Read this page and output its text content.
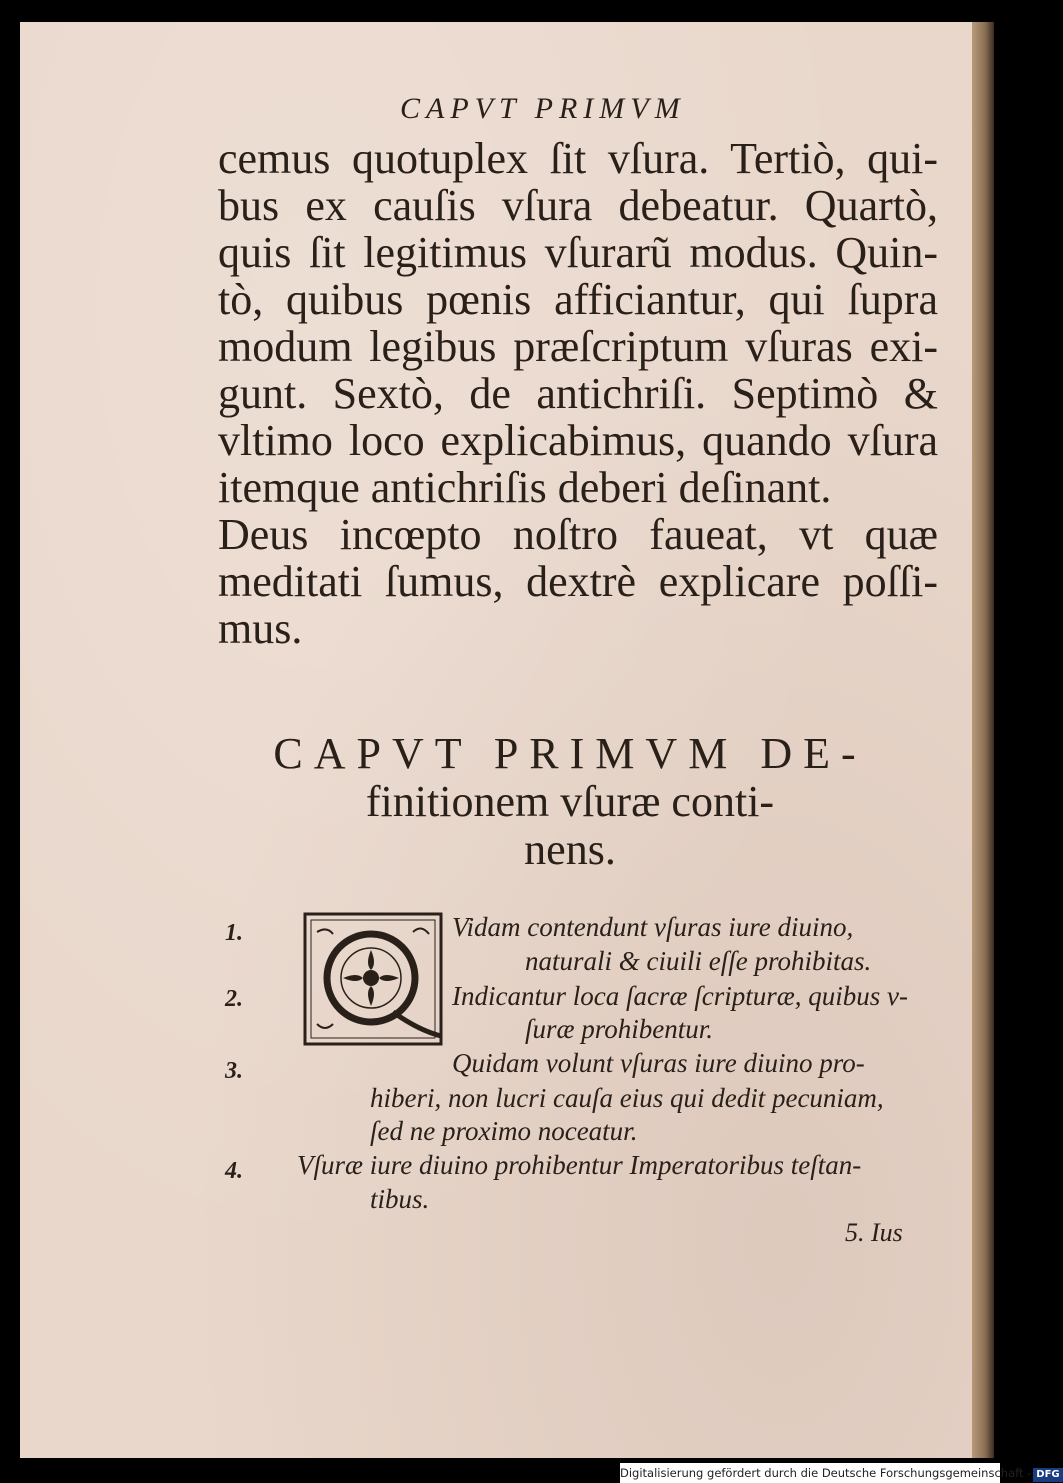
CAPVT PRIMVM
cemus quotuplex ſit vſura. Tertiò, qui-
bus ex cauſis vſura debeatur. Quartò,
quis ſit legitimus vſurarũ modus. Quin-
tò, quibus pœnis afficiantur, qui ſupra
modum legibus præſcriptum vſuras exi-
gunt. Sextò, de antichriſi. Septimò &
vltimo loco explicabimus, quando vſura
itemque antichriſis deberi deſinant.
Deus incœpto noſtro faueat, vt quæ
meditati ſumus, dextrè explicare poſſi-
mus.
CAPVT PRIMVM DE-
finitionem vſuræ conti-
nens.
1.
2.
3.
4.
Vidam contendunt vſuras iure diuino,
naturali & ciuili eſſe prohibitas.
Indicantur loca ſacræ ſcripturæ, quibus v-
ſuræ prohibentur.
Quidam volunt vſuras iure diuino pro-
hiberi, non lucri cauſa eius qui dedit pecuniam,
ſed ne proximo noceatur.
Vſuræ iure diuino prohibentur Imperatoribus teſtan-
tibus.
5. Ius
Digitalisierung gefördert durch die Deutsche Forschungsgemeinschaft - DFG
